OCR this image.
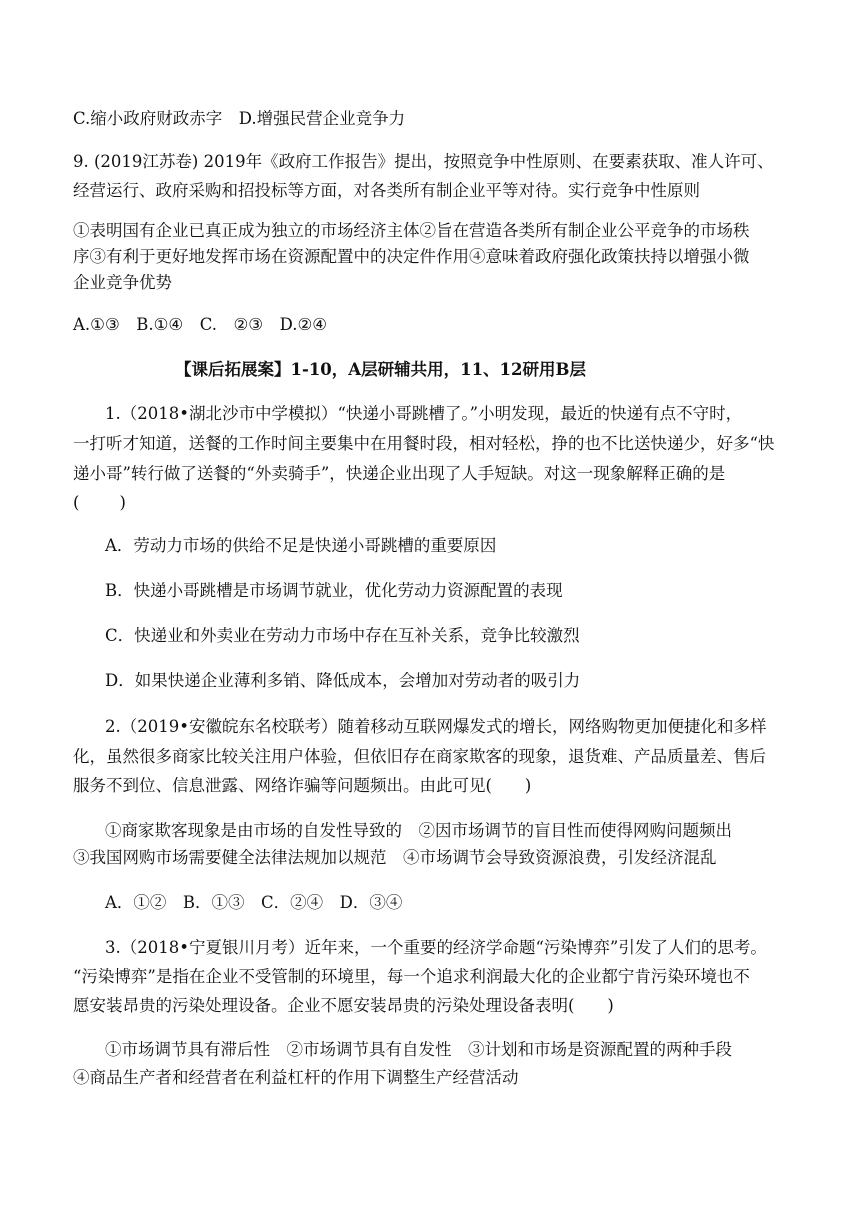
C.缩小政府财政赤字　D.增强民营企业竞争力
9. (2019江苏卷) 2019年《政府工作报告》提出，按照竞争中性原则、在要素获取、准人许可、
经营运行、政府采购和招投标等方面，对各类所有制企业平等对待。实行竞争中性原则
①表明国有企业已真正成为独立的市场经济主体②旨在营造各类所有制企业公平竞争的市场秩
序③有利于更好地发挥市场在资源配置中的决定件作用④意味着政府强化政策扶持以增强小微
企业竞争优势
A.①③　B.①④　C.　②③　D.②④
【课后拓展案】1-10，A层研辅共用，11、12研用B层
1.（2018•湖北沙市中学模拟）“快递小哥跳槽了。”小明发现，最近的快递有点不守时，
一打听才知道，送餐的工作时间主要集中在用餐时段，相对轻松，挣的也不比送快递少，好多“快
递小哥”转行做了送餐的“外卖骑手”，快递企业出现了人手短缺。对这一现象解释正确的是
( )
A．劳动力市场的供给不足是快递小哥跳槽的重要原因
B．快递小哥跳槽是市场调节就业，优化劳动力资源配置的表现
C．快递业和外卖业在劳动力市场中存在互补关系，竞争比较激烈
D．如果快递企业薄利多销、降低成本，会增加对劳动者的吸引力
2.（2019•安徽皖东名校联考）随着移动互联网爆发式的增长，网络购物更加便捷化和多样
化，虽然很多商家比较关注用户体验，但依旧存在商家欺客的现象，退货难、产品质量差、售后
服务不到位、信息泄露、网络诈骗等问题频出。由此可见(　　)
①商家欺客现象是由市场的自发性导致的　②因市场调节的盲目性而使得网购问题频出
③我国网购市场需要健全法律法规加以规范　④市场调节会导致资源浪费，引发经济混乱
A．①②　B．①③　C．②④　D．③④
3.（2018•宁夏银川月考）近年来，一个重要的经济学命题“污染博弈”引发了人们的思考。
“污染博弈”是指在企业不受管制的环境里，每一个追求利润最大化的企业都宁肯污染环境也不
愿安装昂贵的污染处理设备。企业不愿安装昂贵的污染处理设备表明(　　)
①市场调节具有滞后性　②市场调节具有自发性　③计划和市场是资源配置的两种手段
④商品生产者和经营者在利益杠杆的作用下调整生产经营活动
